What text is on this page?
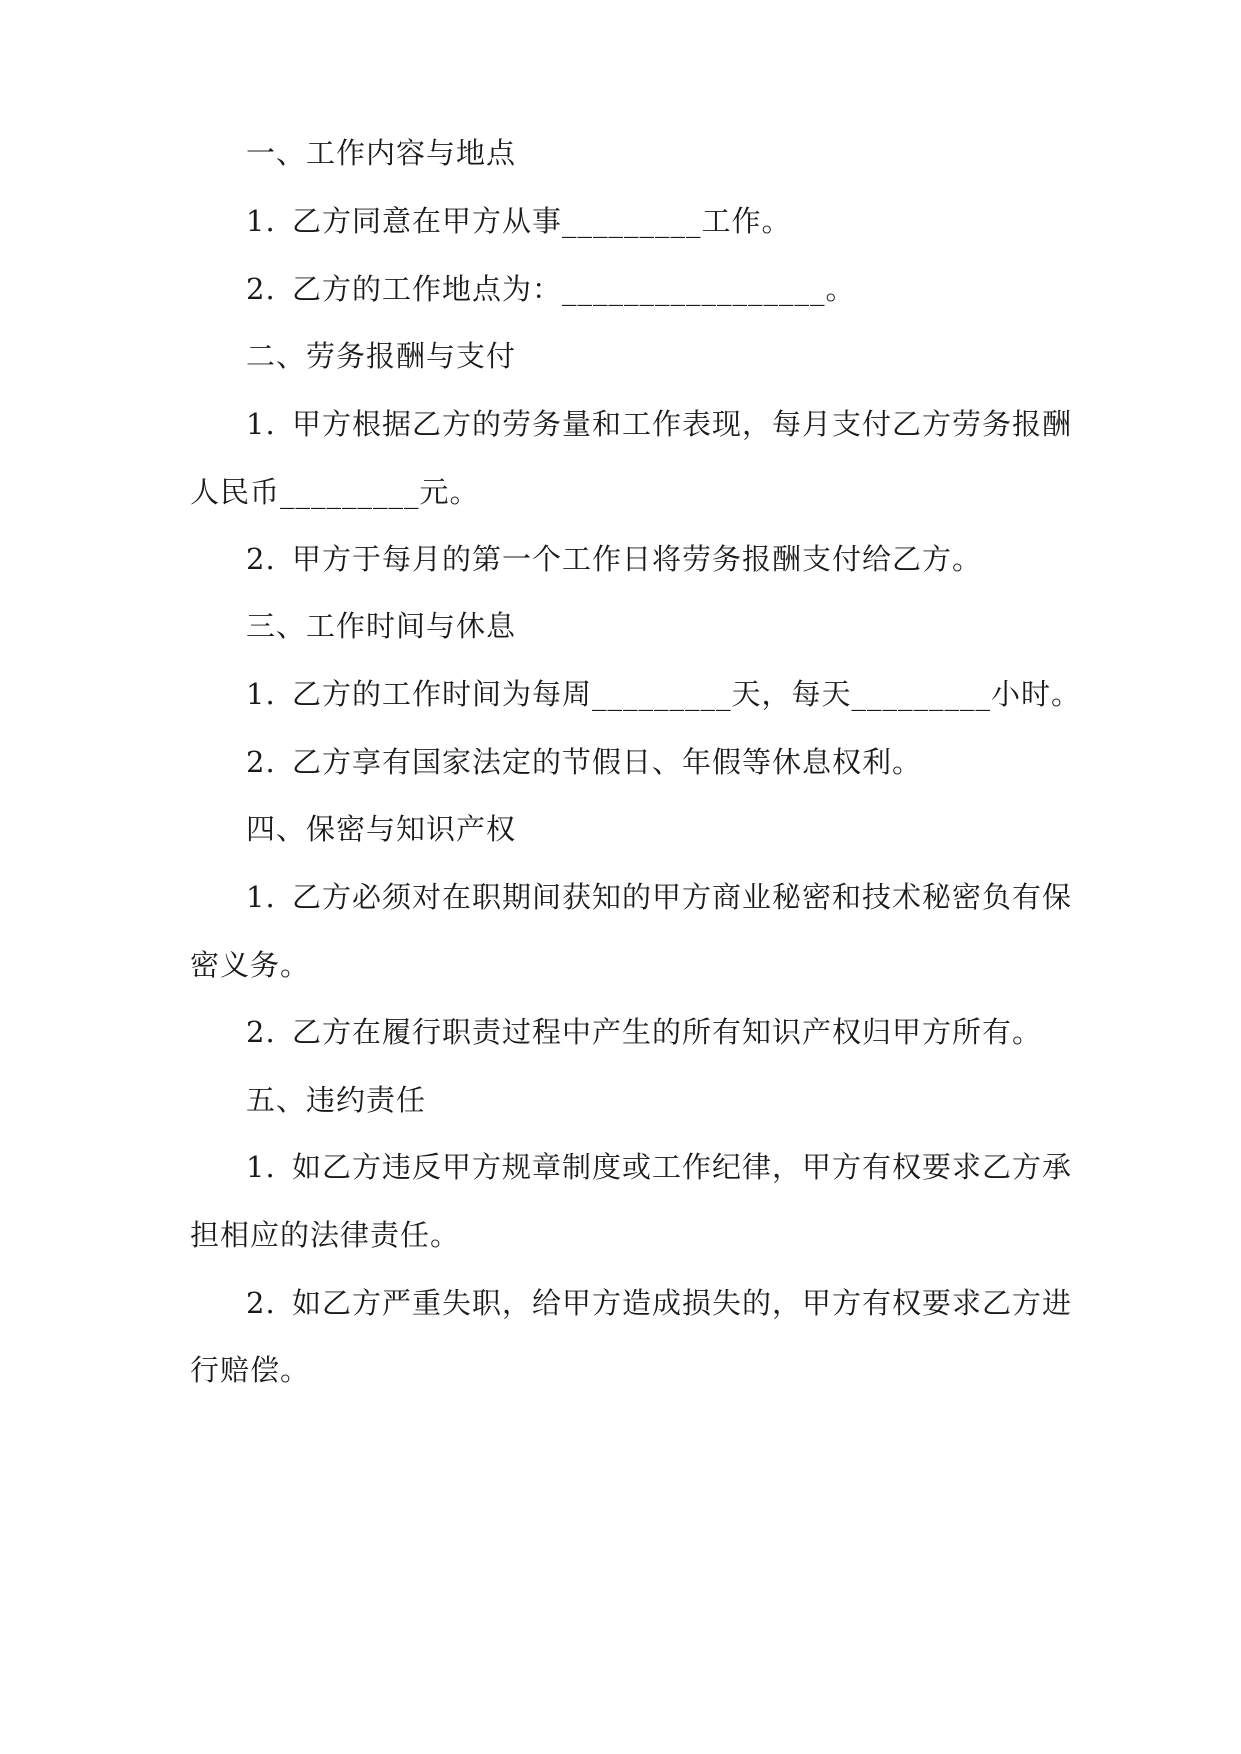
一、工作内容与地点
1. 乙方同意在甲方从事_________工作。
2. 乙方的工作地点为：_________________。
二、劳务报酬与支付
1. 甲方根据乙方的劳务量和工作表现，每月支付乙方劳务报酬
人民币_________元。
2. 甲方于每月的第一个工作日将劳务报酬支付给乙方。
三、工作时间与休息
1. 乙方的工作时间为每周_________天，每天_________小时。
2. 乙方享有国家法定的节假日、年假等休息权利。
四、保密与知识产权
1. 乙方必须对在职期间获知的甲方商业秘密和技术秘密负有保
密义务。
2. 乙方在履行职责过程中产生的所有知识产权归甲方所有。
五、违约责任
1. 如乙方违反甲方规章制度或工作纪律，甲方有权要求乙方承
担相应的法律责任。
2. 如乙方严重失职，给甲方造成损失的，甲方有权要求乙方进
行赔偿。
